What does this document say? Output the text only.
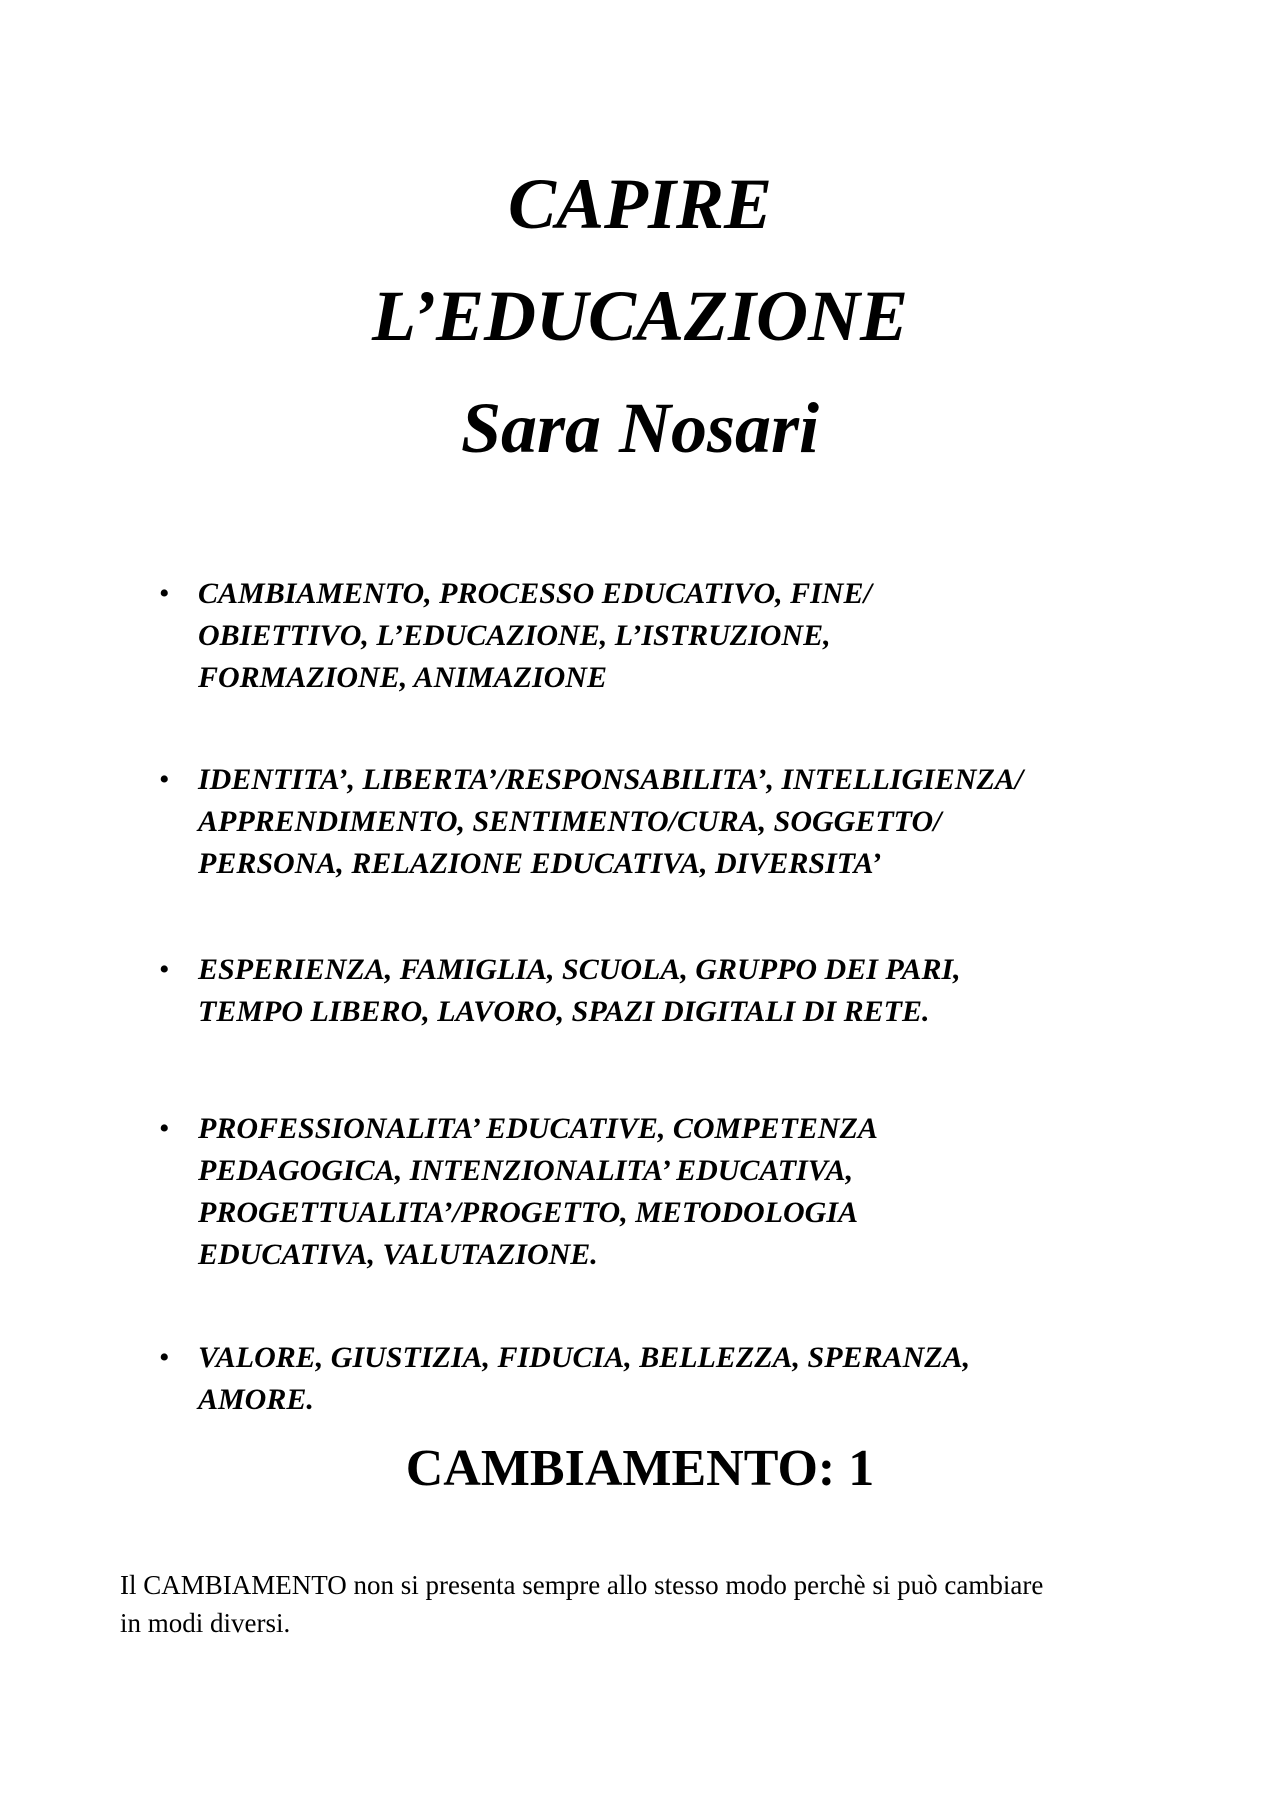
CAPIRE
L’EDUCAZIONE
Sara Nosari
• CAMBIAMENTO, PROCESSO EDUCATIVO, FINE/
OBIETTIVO, L’EDUCAZIONE, L’ISTRUZIONE,
FORMAZIONE, ANIMAZIONE
• IDENTITA’, LIBERTA’/RESPONSABILITA’, INTELLIGIENZA/
APPRENDIMENTO, SENTIMENTO/CURA, SOGGETTO/
PERSONA, RELAZIONE EDUCATIVA, DIVERSITA’
• ESPERIENZA, FAMIGLIA, SCUOLA, GRUPPO DEI PARI,
TEMPO LIBERO, LAVORO, SPAZI DIGITALI DI RETE.
• PROFESSIONALITA’ EDUCATIVE, COMPETENZA
PEDAGOGICA, INTENZIONALITA’ EDUCATIVA,
PROGETTUALITA’/PROGETTO, METODOLOGIA
EDUCATIVA, VALUTAZIONE.
• VALORE, GIUSTIZIA, FIDUCIA, BELLEZZA, SPERANZA,
AMORE.
CAMBIAMENTO: 1

Il CAMBIAMENTO non si presenta sempre allo stesso modo perchè si può cambiare
in modi diversi.
